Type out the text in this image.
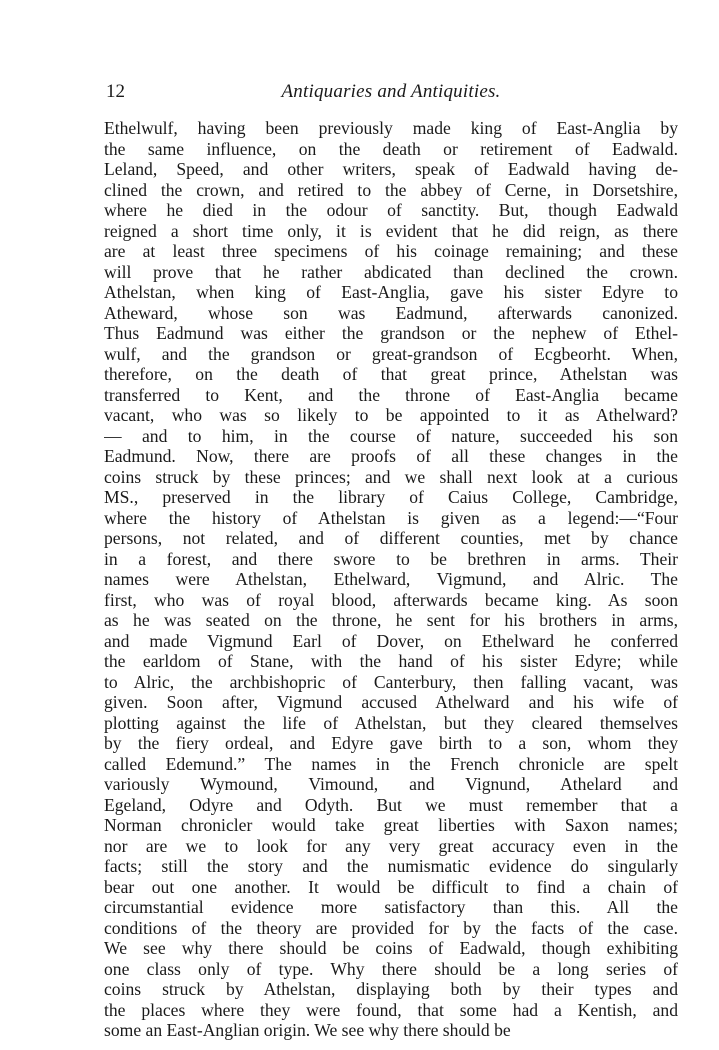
12	Antiquaries and Antiquities.
Ethelwulf, having been previously made king of East-Anglia by
the same influence, on the death or retirement of Eadwald.
Leland, Speed, and other writers, speak of Eadwald having de-
clined the crown, and retired to the abbey of Cerne, in Dorsetshire,
where he died in the odour of sanctity. But, though Eadwald
reigned a short time only, it is evident that he did reign, as there
are at least three specimens of his coinage remaining; and these
will prove that he rather abdicated than declined the crown.
Athelstan, when king of East-Anglia, gave his sister Edyre to
Atheward, whose son was Eadmund, afterwards canonized.
Thus Eadmund was either the grandson or the nephew of Ethel-
wulf, and the grandson or great-grandson of Ecgbeorht. When,
therefore, on the death of that great prince, Athelstan was
transferred to Kent, and the throne of East-Anglia became
vacant, who was so likely to be appointed to it as Athelward?
— and to him, in the course of nature, succeeded his son
Eadmund. Now, there are proofs of all these changes in the
coins struck by these princes; and we shall next look at a curious
MS., preserved in the library of Caius College, Cambridge,
where the history of Athelstan is given as a legend:—“Four
persons, not related, and of different counties, met by chance
in a forest, and there swore to be brethren in arms. Their
names were Athelstan, Ethelward, Vigmund, and Alric. The
first, who was of royal blood, afterwards became king. As soon
as he was seated on the throne, he sent for his brothers in arms,
and made Vigmund Earl of Dover, on Ethelward he conferred
the earldom of Stane, with the hand of his sister Edyre; while
to Alric, the archbishopric of Canterbury, then falling vacant, was
given. Soon after, Vigmund accused Athelward and his wife of
plotting against the life of Athelstan, but they cleared themselves
by the fiery ordeal, and Edyre gave birth to a son, whom they
called Edemund.” The names in the French chronicle are spelt
variously Wymound, Vimound, and Vignund, Athelard and
Egeland, Odyre and Odyth. But we must remember that a
Norman chronicler would take great liberties with Saxon names;
nor are we to look for any very great accuracy even in the
facts; still the story and the numismatic evidence do singularly
bear out one another. It would be difficult to find a chain of
circumstantial evidence more satisfactory than this. All the
conditions of the theory are provided for by the facts of the case.
We see why there should be coins of Eadwald, though exhibiting
one class only of type. Why there should be a long series of
coins struck by Athelstan, displaying both by their types and
the places where they were found, that some had a Kentish, and
some an East-Anglian origin. We see why there should be
